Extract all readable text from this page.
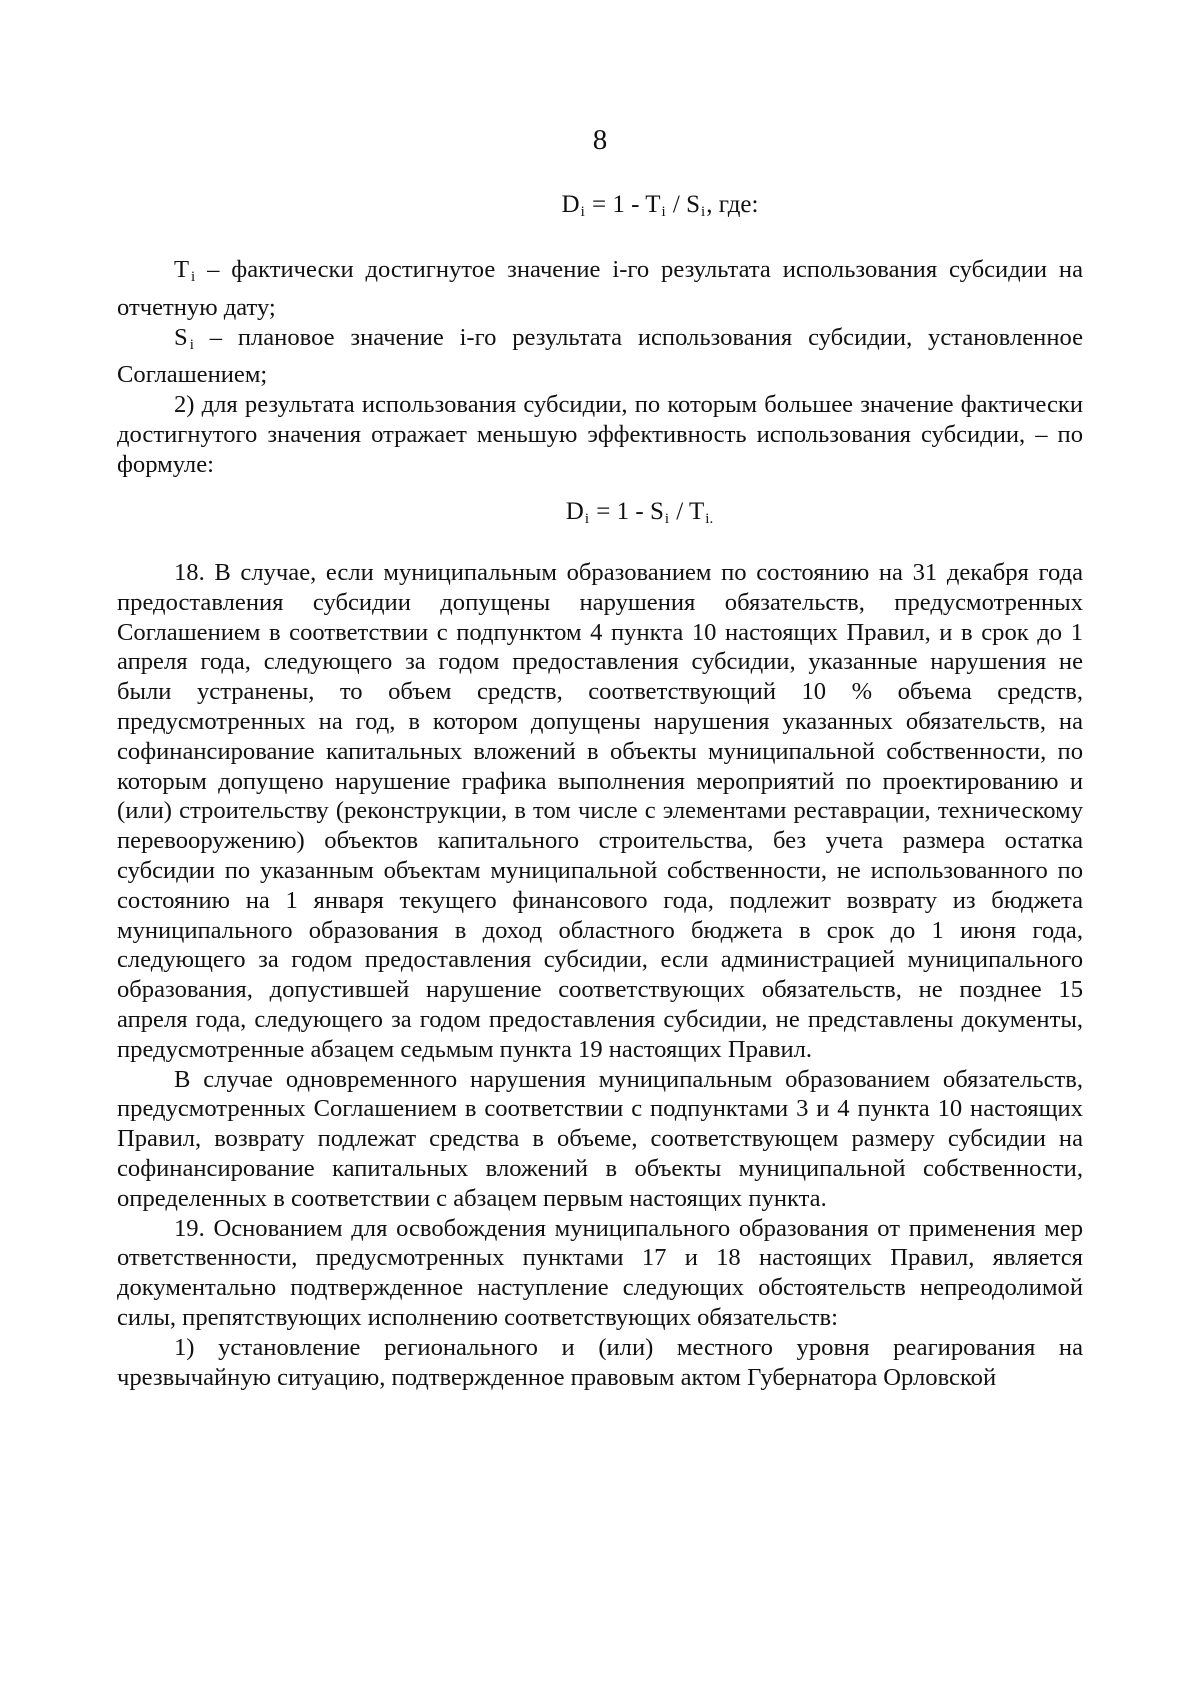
8
$D_i = 1 - T_i / S_i$, где:

T $_i$ – фактически достигнутое значение i-го результата использования субсидии на отчетную дату;

S $_i$ – плановое значение i-го результата использования субсидии, установленное Соглашением;

2) для результата использования субсидии, по которым большее значение фактически достигнутого значения отражает меньшую эффективность использования субсидии, – по формуле:

$D_i = 1 - S_i / T_{i.}$

18. В случае, если муниципальным образованием по состоянию на 31 декабря года предоставления субсидии допущены нарушения обязательств, предусмотренных Соглашением в соответствии с подпунктом 4 пункта 10 настоящих Правил, и в срок до 1 апреля года, следующего за годом предоставления субсидии, указанные нарушения не были устранены, то объем средств, соответствующий 10 % объема средств, предусмотренных на год, в котором допущены нарушения указанных обязательств, на софинансирование капитальных вложений в объекты муниципальной собственности, по которым допущено нарушение графика выполнения мероприятий по проектированию и (или) строительству (реконструкции, в том числе с элементами реставрации, техническому перевооружению) объектов капитального строительства, без учета размера остатка субсидии по указанным объектам муниципальной собственности, не использованного по состоянию на 1 января текущего финансового года, подлежит возврату из бюджета муниципального образования в доход областного бюджета в срок до 1 июня года, следующего за годом предоставления субсидии, если администрацией муниципального образования, допустившей нарушение соответствующих обязательств, не позднее 15 апреля года, следующего за годом предоставления субсидии, не представлены документы, предусмотренные абзацем седьмым пункта 19 настоящих Правил.

В случае одновременного нарушения муниципальным образованием обязательств, предусмотренных Соглашением в соответствии с подпунктами 3 и 4 пункта 10 настоящих Правил, возврату подлежат средства в объеме, соответствующем размеру субсидии на софинансирование капитальных вложений в объекты муниципальной собственности, определенных в соответствии с абзацем первым настоящих пункта.

19. Основанием для освобождения муниципального образования от применения мер ответственности, предусмотренных пунктами 17 и 18 настоящих Правил, является документально подтвержденное наступление следующих обстоятельств непреодолимой силы, препятствующих исполнению соответствующих обязательств:

1) установление регионального и (или) местного уровня реагирования на чрезвычайную ситуацию, подтвержденное правовым актом Губернатора Орловской
